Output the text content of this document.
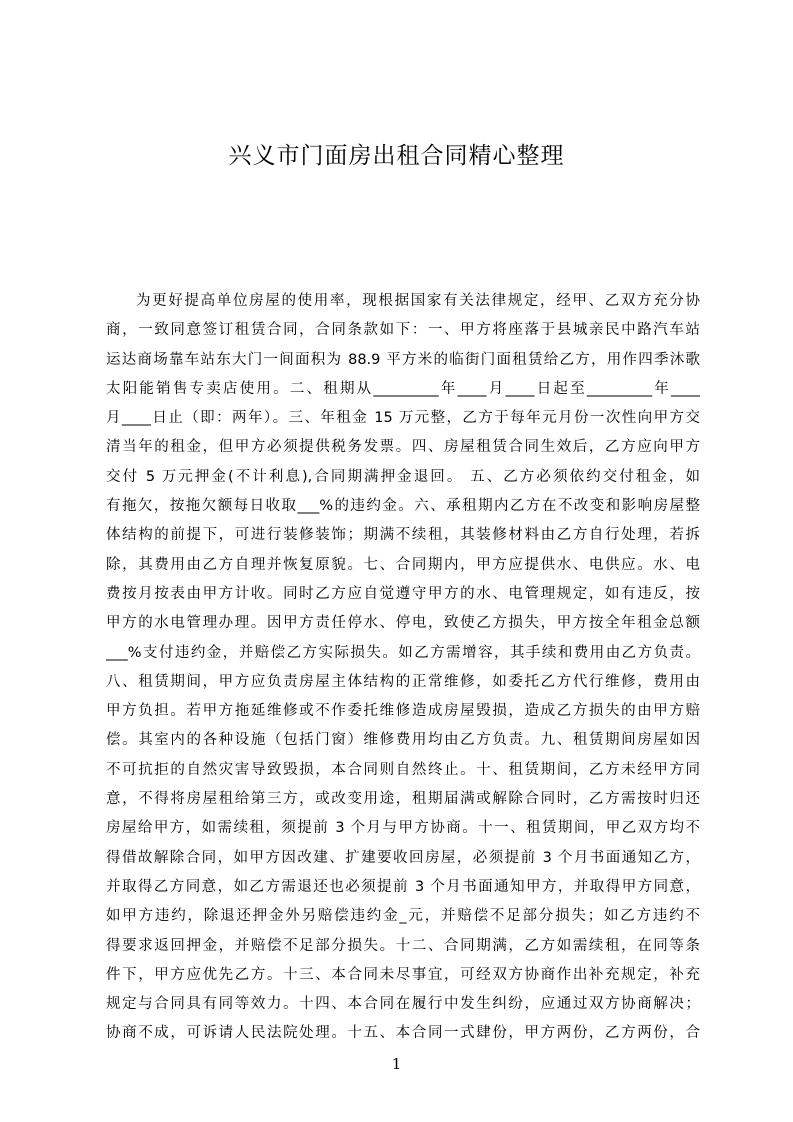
兴义市门面房出租合同精心整理
为更好提高单位房屋的使用率，现根据国家有关法律规定，经甲、乙双方充分协
商，一致同意签订租赁合同，合同条款如下：一、甲方将座落于县城亲民中路汽车站
运达商场靠车站东大门一间面积为 88.9 平方米的临街门面租赁给乙方，用作四季沐歌
太阳能销售专卖店使用。二、租期从_________年____月____日起至_________年____
月____日止（即：两年）。三、年租金 15 万元整，乙方于每年元月份一次性向甲方交
清当年的租金，但甲方必须提供税务发票。四、房屋租赁合同生效后，乙方应向甲方
交付 5 万元押金(不计利息),合同期满押金退回。 五、乙方必须依约交付租金，如
有拖欠，按拖欠额每日收取___%的违约金。六、承租期内乙方在不改变和影响房屋整
体结构的前提下，可进行装修装饰；期满不续租，其装修材料由乙方自行处理，若拆
除，其费用由乙方自理并恢复原貌。七、合同期内，甲方应提供水、电供应。水、电
费按月按表由甲方计收。同时乙方应自觉遵守甲方的水、电管理规定，如有违反，按
甲方的水电管理办理。因甲方责任停水、停电，致使乙方损失，甲方按全年租金总额
___%支付违约金，并赔偿乙方实际损失。如乙方需增容，其手续和费用由乙方负责。
八、租赁期间，甲方应负责房屋主体结构的正常维修，如委托乙方代行维修，费用由
甲方负担。若甲方拖延维修或不作委托维修造成房屋毁损，造成乙方损失的由甲方赔
偿。其室内的各种设施（包括门窗）维修费用均由乙方负责。九、租赁期间房屋如因
不可抗拒的自然灾害导致毁损，本合同则自然终止。十、租赁期间，乙方未经甲方同
意，不得将房屋租给第三方，或改变用途，租期届满或解除合同时，乙方需按时归还
房屋给甲方，如需续租，须提前 3 个月与甲方协商。十一、租赁期间，甲乙双方均不
得借故解除合同，如甲方因改建、扩建要收回房屋，必须提前 3 个月书面通知乙方，
并取得乙方同意，如乙方需退还也必须提前 3 个月书面通知甲方，并取得甲方同意，
如甲方违约，除退还押金外另赔偿违约金_元，并赔偿不足部分损失；如乙方违约不
得要求返回押金，并赔偿不足部分损失。十二、合同期满，乙方如需续租，在同等条
件下，甲方应优先乙方。十三、本合同未尽事宜，可经双方协商作出补充规定，补充
规定与合同具有同等效力。十四、本合同在履行中发生纠纷，应通过双方协商解决；
协商不成，可诉请人民法院处理。十五、本合同一式肆份，甲方两份，乙方两份，合
1
